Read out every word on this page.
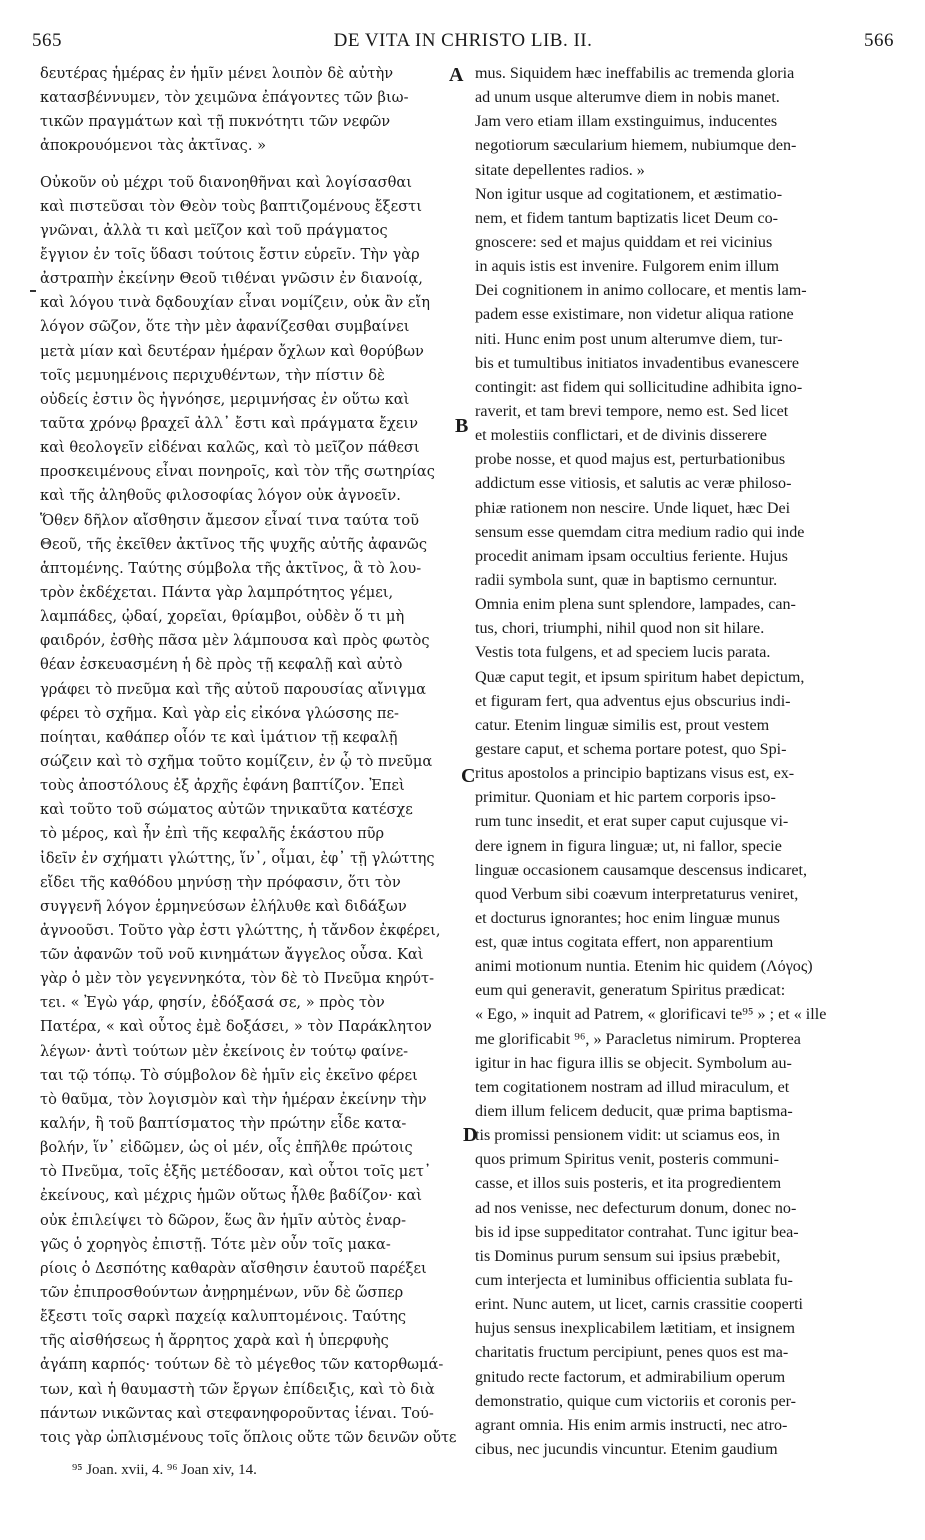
565	DE VITA IN CHRISTO LIB. II.	566
δευτέρας ἡμέρας ἐν ἡμῖν μένει λοιπὸν δὲ αὐτὴν
κατασβέννυμεν, τὸν χειμῶνα ἐπάγοντες τῶν βιω-
τικῶν πραγμάτων καὶ τῇ πυκνότητι τῶν νεφῶν
ἀποκρουόμενοι τὰς ἀκτῖνας. »
Οὐκοῦν οὐ μέχρι τοῦ διανοηθῆναι καὶ λογίσασθαι
καὶ πιστεῦσαι τὸν Θεὸν τοὺς βαπτιζομένους ἔξεστι
γνῶναι, ἀλλὰ τι καὶ μεῖζον καὶ τοῦ πράγματος
ἔγγιον ἐν τοῖς ὕδασι τούτοις ἔστιν εὑρεῖν. Τὴν γὰρ
ἀστραπὴν ἐκείνην Θεοῦ τιθέναι γνῶσιν ἐν διανοίᾳ,
καὶ λόγου τινὰ δᾳδουχίαν εἶναι νομίζειν, οὐκ ἂν εἴη
λόγον σῶζον, ὅτε τὴν μὲν ἀφανίζεσθαι συμβαίνει
μετὰ μίαν καὶ δευτέραν ἡμέραν ὄχλων καὶ θορύβων
τοῖς μεμυημένοις περιχυθέντων, τὴν πίστιν δὲ
οὐδείς ἐστιν ὃς ἠγνόησε, μεριμνήσας ἐν οὕτω καὶ
ταῦτα χρόνῳ βραχεῖ ἀλλ᾽ ἔστι καὶ πράγματα ἔχειν
καὶ θεολογεῖν εἰδέναι καλῶς, καὶ τὸ μεῖζον πάθεσι
προσκειμένους εἶναι πονηροῖς, καὶ τὸν τῆς σωτηρίας
καὶ τῆς ἀληθοῦς φιλοσοφίας λόγον οὐκ ἀγνοεῖν.
Ὅθεν δῆλον αἴσθησιν ἄμεσον εἶναί τινα ταύτα τοῦ
Θεοῦ, τῆς ἐκεῖθεν ἀκτῖνος τῆς ψυχῆς αὐτῆς ἀφανῶς
ἁπτομένης. Ταύτης σύμβολα τῆς ἀκτῖνος, ἃ τὸ λου-
τρὸν ἐκδέχεται. Πάντα γὰρ λαμπρότητος γέμει,
λαμπάδες, ᾠδαί, χορεῖαι, θρίαμβοι, οὐδὲν ὅ τι μὴ
φαιδρόν, ἐσθὴς πᾶσα μὲν λάμπουσα καὶ πρὸς φωτὸς
θέαν ἐσκευασμένη ἡ δὲ πρὸς τῇ κεφαλῇ καὶ αὐτὸ
γράφει τὸ πνεῦμα καὶ τῆς αὐτοῦ παρουσίας αἴνιγμα
φέρει τὸ σχῆμα. Καὶ γὰρ εἰς εἰκόνα γλώσσης πε-
ποίηται, καθάπερ οἷόν τε καὶ ἱμάτιον τῇ κεφαλῇ
σώζειν καὶ τὸ σχῆμα τοῦτο κομίζειν, ἐν ᾧ τὸ πνεῦμα
τοὺς ἀποστόλους ἐξ ἀρχῆς ἐφάνη βαπτίζον. Ἐπεὶ
καὶ τοῦτο τοῦ σώματος αὐτῶν τηνικαῦτα κατέσχε
τὸ μέρος, καὶ ἦν ἐπὶ τῆς κεφαλῆς ἑκάστου πῦρ
ἰδεῖν ἐν σχήματι γλώττης, ἵν᾽, οἶμαι, ἐφ᾽ τῇ γλώττης
εἴδει τῆς καθόδου μηνύσῃ τὴν πρόφασιν, ὅτι τὸν
συγγενῆ λόγον ἑρμηνεύσων ἐλήλυθε καὶ διδάξων
ἀγνοοῦσι. Τοῦτο γὰρ ἐστι γλώττης, ἡ τἄνδον ἐκφέρει,
τῶν ἀφανῶν τοῦ νοῦ κινημάτων ἄγγελος οὖσα. Καὶ
γὰρ ὁ μὲν τὸν γεγεννηκότα, τὸν δὲ τὸ Πνεῦμα κηρύτ-
τει. « Ἐγὼ γάρ, φησίν, ἐδόξασά σε, » πρὸς τὸν
Πατέρα, « καὶ οὗτος ἐμὲ δοξάσει, » τὸν Παράκλητον
λέγων· ἀντὶ τούτων μὲν ἐκείνοις ἐν τούτῳ φαίνε-
ται τῷ τόπῳ. Τὸ σύμβολον δὲ ἡμῖν εἰς ἐκεῖνο φέρει
τὸ θαῦμα, τὸν λογισμὸν καὶ τὴν ἡμέραν ἐκείνην τὴν
καλήν, ἣ τοῦ βαπτίσματος τὴν πρώτην εἶδε κατα-
βολήν, ἵν᾽ εἰδῶμεν, ὡς οἱ μέν, οἷς ἐπῆλθε πρώτοις
τὸ Πνεῦμα, τοῖς ἑξῆς μετέδοσαν, καὶ οὗτοι τοῖς μετ᾽
ἐκείνους, καὶ μέχρις ἡμῶν οὕτως ἦλθε βαδίζον· καὶ
οὐκ ἐπιλείψει τὸ δῶρον, ἕως ἂν ἡμῖν αὐτὸς ἐναρ-
γῶς ὁ χορηγὸς ἐπιστῇ. Τότε μὲν οὖν τοῖς μακα-
ρίοις ὁ Δεσπότης καθαρὰν αἴσθησιν ἑαυτοῦ παρέξει
τῶν ἐπιπροσθούντων ἀνῃρημένων, νῦν δὲ ὥσπερ
ἔξεστι τοῖς σαρκὶ παχείᾳ καλυπτομένοις. Ταύτης
τῆς αἰσθήσεως ἡ ἄρρητος χαρὰ καὶ ἡ ὑπερφυὴς
ἀγάπη καρπός· τούτων δὲ τὸ μέγεθος τῶν κατορθωμά-
των, καὶ ἡ θαυμαστὴ τῶν ἔργων ἐπίδειξις, καὶ τὸ διὰ
πάντων νικῶντας καὶ στεφανηφοροῦντας ἰέναι. Τού-
τοις γὰρ ὡπλισμένους τοῖς ὅπλοις οὔτε τῶν δεινῶν οὔτε
mus. Siquidem hæc ineffabilis ac tremenda gloria
ad unum usque alterumve diem in nobis manet.
Jam vero etiam illam exstinguimus, inducentes
negotiorum sæcularium hiemem, nubiumque den-
sitate depellentes radios. »
Non igitur usque ad cogitationem, et æstimatio-
nem, et fidem tantum baptizatis licet Deum co-
gnoscere: sed et majus quiddam et rei vicinius
in aquis istis est invenire. Fulgorem enim illum
Dei cognitionem in animo collocare, et mentis lam-
padem esse existimare, non videtur aliqua ratione
niti. Hunc enim post unum alterumve diem, tur-
bis et tumultibus initiatos invadentibus evanescere
contingit: ast fidem qui sollicitudine adhibita igno-
raverit, et tam brevi tempore, nemo est. Sed licet
et molestiis conflictari, et de divinis disserere
probe nosse, et quod majus est, perturbationibus
addictum esse vitiosis, et salutis ac veræ philoso-
phiæ rationem non nescire. Unde liquet, hæc Dei
sensum esse quemdam citra medium radio qui inde
procedit animam ipsam occultius feriente. Hujus
radii symbola sunt, quæ in baptismo cernuntur.
Omnia enim plena sunt splendore, lampades, can-
tus, chori, triumphi, nihil quod non sit hilare.
Vestis tota fulgens, et ad speciem lucis parata.
Quæ caput tegit, et ipsum spiritum habet depictum,
et figuram fert, qua adventus ejus obscurius indi-
catur. Etenim linguæ similis est, prout vestem
gestare caput, et schema portare potest, quo Spi-
ritus apostolos a principio baptizans visus est, ex-
primitur. Quoniam et hic partem corporis ipso-
rum tunc insedit, et erat super caput cujusque vi-
dere ignem in figura linguæ; ut, ni fallor, specie
linguæ occasionem causamque descensus indicaret,
quod Verbum sibi coævum interpretaturus veniret,
et docturus ignorantes; hoc enim linguæ munus
est, quæ intus cogitata effert, non apparentium
animi motionum nuntia. Etenim hic quidem (Λόγος)
eum qui generavit, generatum Spiritus prædicat:
« Ego, » inquit ad Patrem, « glorificavi te⁹⁵ » ; et « ille
me glorificabit ⁹⁶, » Paracletus nimirum. Propterea
igitur in hac figura illis se objecit. Symbolum au-
tem cogitationem nostram ad illud miraculum, et
diem illum felicem deducit, quæ prima baptisma-
tis promissi pensionem vidit: ut sciamus eos, in
quos primum Spiritus venit, posteris communi-
casse, et illos suis posteris, et ita progredientem
ad nos venisse, nec defecturum donum, donec no-
bis id ipse suppeditator contrahat. Tunc igitur bea-
tis Dominus purum sensum sui ipsius præbebit,
cum interjecta et luminibus officientia sublata fu-
erint. Nunc autem, ut licet, carnis crassitie cooperti
hujus sensus inexplicabilem lætitiam, et insignem
charitatis fructum percipiunt, penes quos est ma-
gnitudo recte factorum, et admirabilium operum
demonstratio, quique cum victoriis et coronis per-
agrant omnia. His enim armis instructi, nec atro-
cibus, nec jucundis vincuntur. Etenim gaudium
A
B
C
D
⁹⁵ Joan. xvii, 4. ⁹⁶ Joan xiv, 14.
